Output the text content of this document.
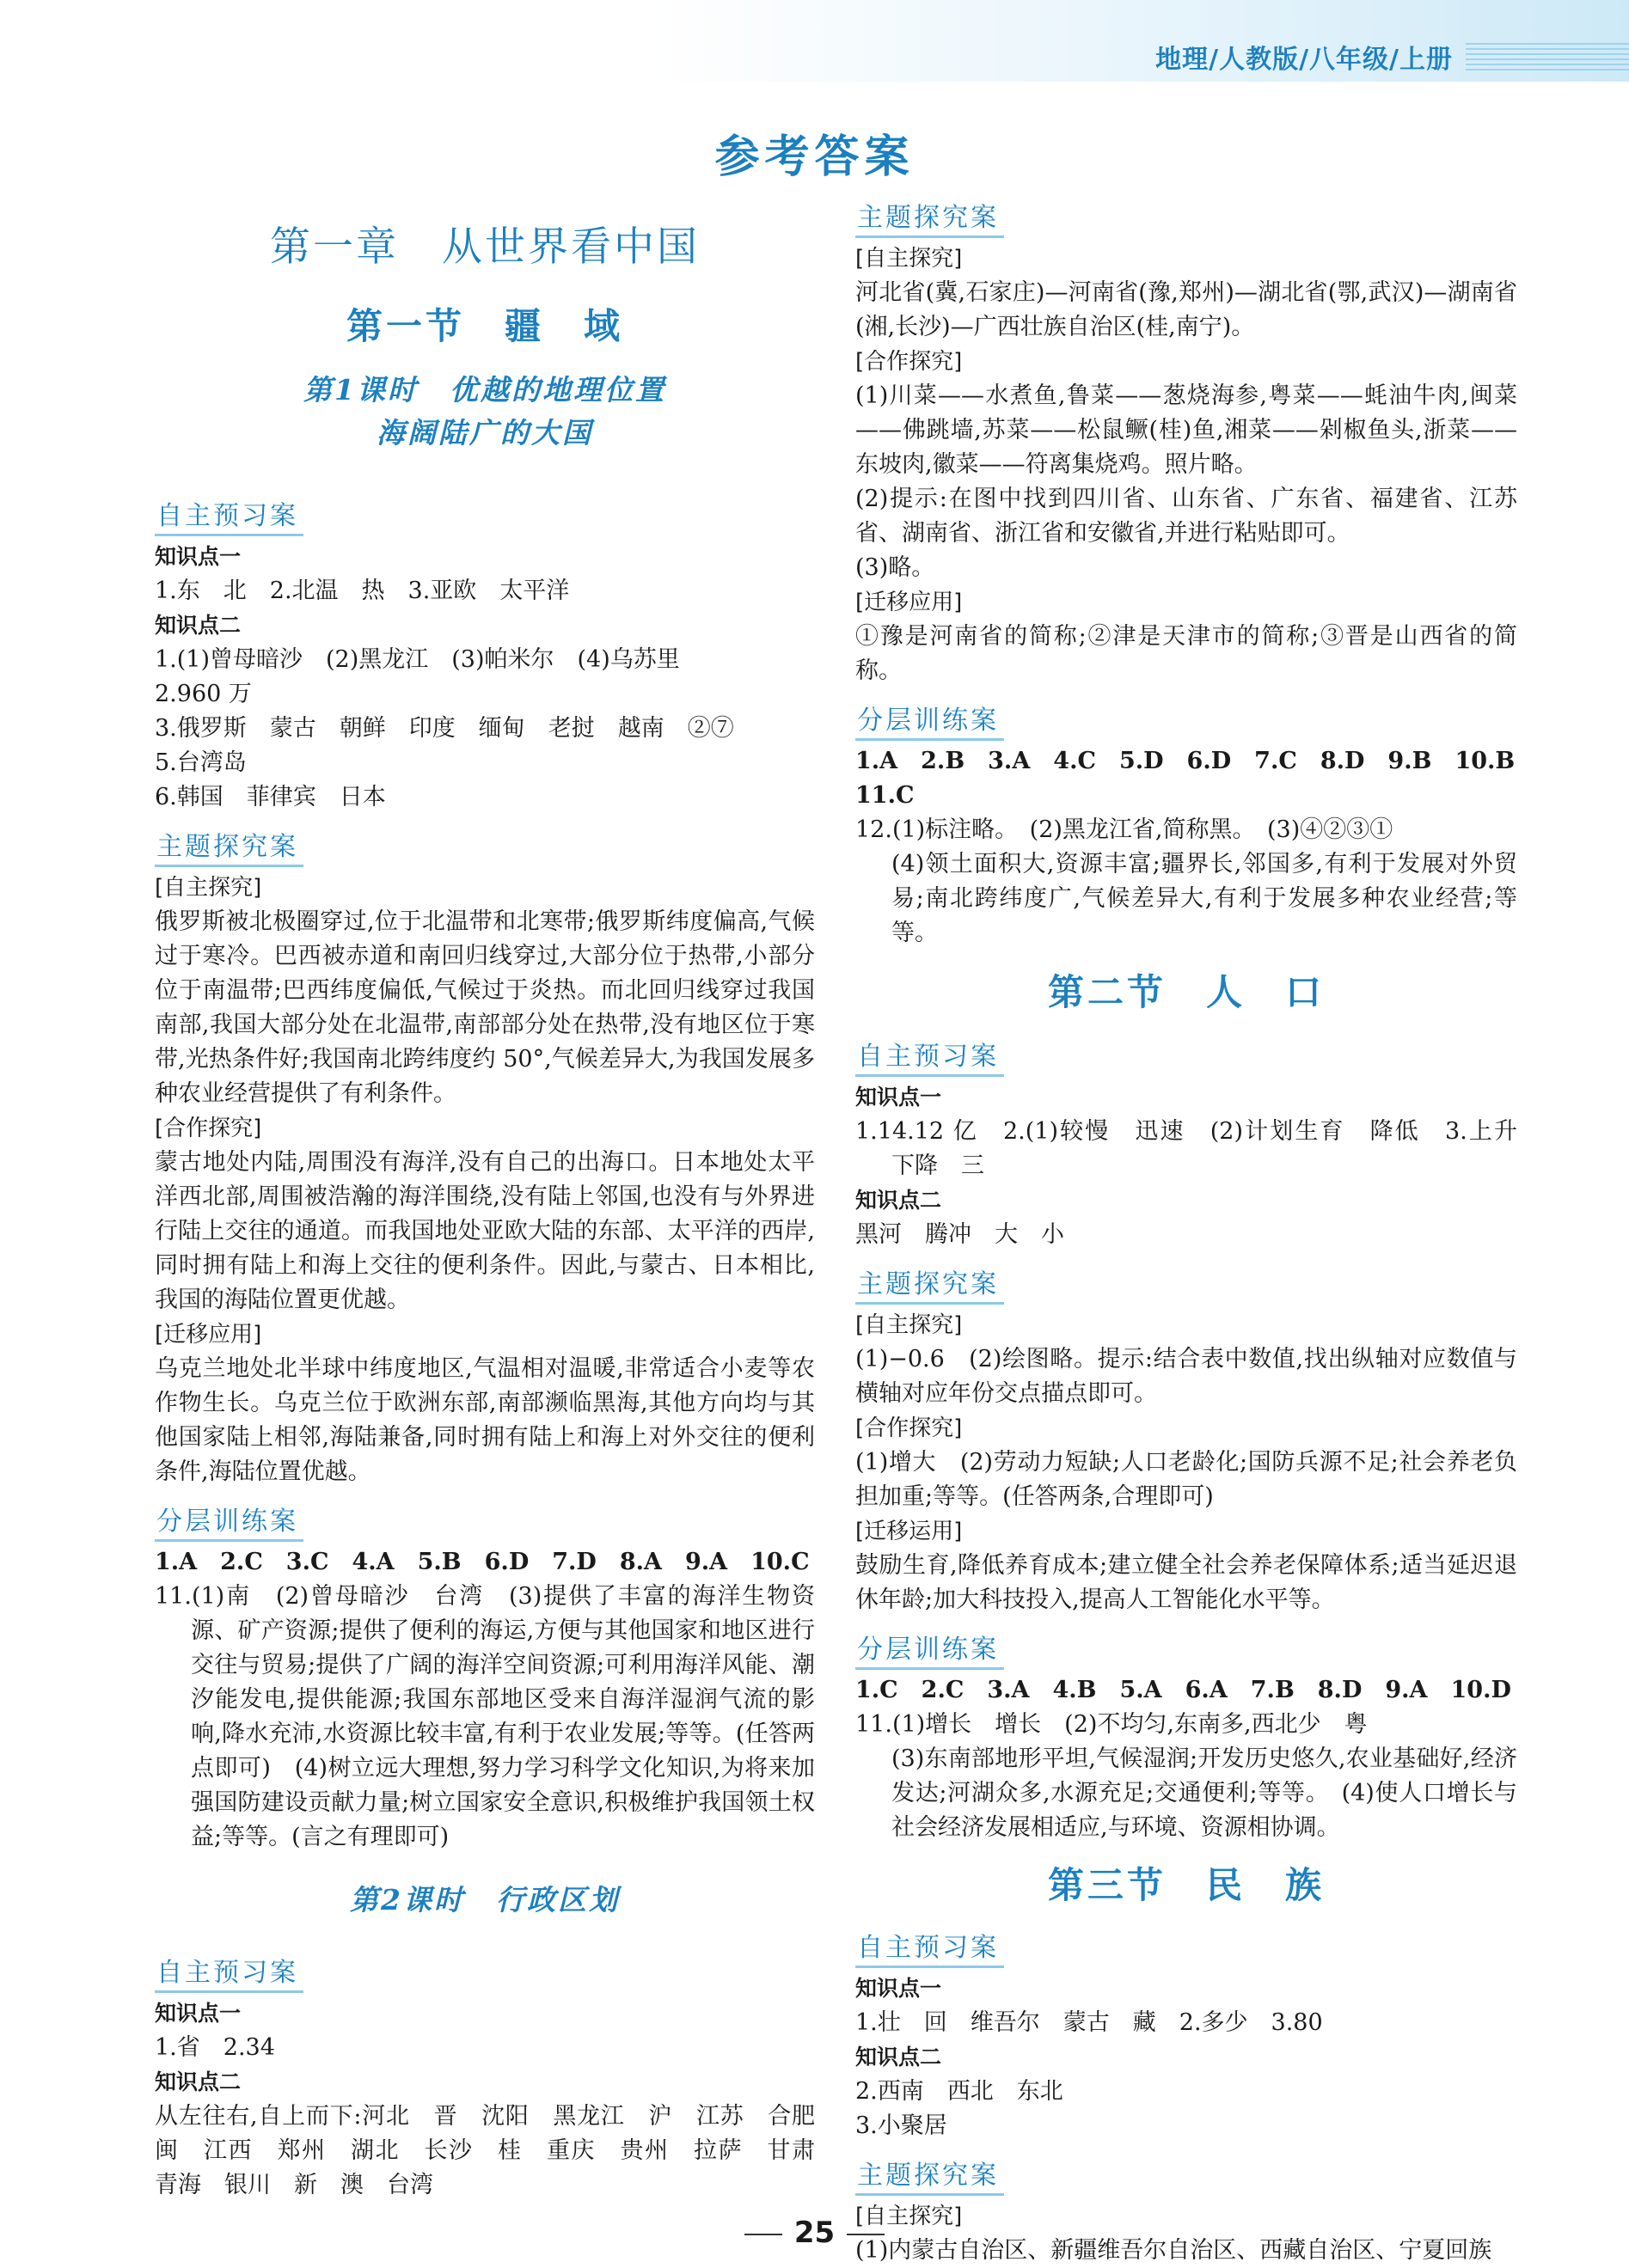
地理/人教版/八年级/上册
参考答案
第一章　从世界看中国
第一节　疆　域
第1课时　优越的地理位置
海阔陆广的大国
自主预习案
知识点一
1.东　北　2.北温　热　3.亚欧　太平洋
知识点二
1.(1)曾母暗沙　(2)黑龙江　(3)帕米尔　(4)乌苏里
2.960 万
3.俄罗斯　蒙古　朝鲜　印度　缅甸　老挝　越南　②⑦
5.台湾岛
6.韩国　菲律宾　日本
主题探究案
[自主探究]
俄罗斯被北极圈穿过,位于北温带和北寒带;俄罗斯纬度偏高,气候过于寒冷。巴西被赤道和南回归线穿过,大部分位于热带,小部分位于南温带;巴西纬度偏低,气候过于炎热。而北回归线穿过我国南部,我国大部分处在北温带,南部部分处在热带,没有地区位于寒带,光热条件好;我国南北跨纬度约 50°,气候差异大,为我国发展多种农业经营提供了有利条件。
[合作探究]
蒙古地处内陆,周围没有海洋,没有自己的出海口。日本地处太平洋西北部,周围被浩瀚的海洋围绕,没有陆上邻国,也没有与外界进行陆上交往的通道。而我国地处亚欧大陆的东部、太平洋的西岸,同时拥有陆上和海上交往的便利条件。因此,与蒙古、日本相比,我国的海陆位置更优越。
[迁移应用]
乌克兰地处北半球中纬度地区,气温相对温暖,非常适合小麦等农作物生长。乌克兰位于欧洲东部,南部濒临黑海,其他方向均与其他国家陆上相邻,海陆兼备,同时拥有陆上和海上对外交往的便利条件,海陆位置优越。
分层训练案
1.A　2.C　3.C　4.A　5.B　6.D　7.D　8.A　9.A　10.C
11.(1)南　(2)曾母暗沙　台湾　(3)提供了丰富的海洋生物资源、矿产资源;提供了便利的海运,方便与其他国家和地区进行交往与贸易;提供了广阔的海洋空间资源;可利用海洋风能、潮汐能发电,提供能源;我国东部地区受来自海洋湿润气流的影响,降水充沛,水资源比较丰富,有利于农业发展;等等。(任答两点即可)　(4)树立远大理想,努力学习科学文化知识,为将来加强国防建设贡献力量;树立国家安全意识,积极维护我国领土权益;等等。(言之有理即可)
第2课时　行政区划
自主预习案
知识点一
1.省　2.34
知识点二
从左往右,自上而下:河北　晋　沈阳　黑龙江　沪　江苏　合肥　闽　江西　郑州　湖北　长沙　桂　重庆　贵州　拉萨　甘肃　青海　银川　新　澳　台湾
主题探究案
[自主探究]
河北省(冀,石家庄)—河南省(豫,郑州)—湖北省(鄂,武汉)—湖南省(湘,长沙)—广西壮族自治区(桂,南宁)。
[合作探究]
(1)川菜——水煮鱼,鲁菜——葱烧海参,粤菜——蚝油牛肉,闽菜——佛跳墙,苏菜——松鼠鳜(桂)鱼,湘菜——剁椒鱼头,浙菜——东坡肉,徽菜——符离集烧鸡。照片略。
(2)提示:在图中找到四川省、山东省、广东省、福建省、江苏省、湖南省、浙江省和安徽省,并进行粘贴即可。
(3)略。
[迁移应用]
①豫是河南省的简称;②津是天津市的简称;③晋是山西省的简称。
分层训练案
1.A　2.B　3.A　4.C　5.D　6.D　7.C　8.D　9.B　10.B
11.C
12.(1)标注略。　(2)黑龙江省,简称黑。　(3)④②③①
(4)领土面积大,资源丰富;疆界长,邻国多,有利于发展对外贸易;南北跨纬度广,气候差异大,有利于发展多种农业经营;等等。
第二节　人　口
自主预习案
知识点一
1.14.12 亿　2.(1)较慢　迅速　(2)计划生育　降低　3.上升　下降　三
知识点二
黑河　腾冲　大　小
主题探究案
[自主探究]
(1)−0.6　(2)绘图略。提示:结合表中数值,找出纵轴对应数值与横轴对应年份交点描点即可。
[合作探究]
(1)增大　(2)劳动力短缺;人口老龄化;国防兵源不足;社会养老负担加重;等等。(任答两条,合理即可)
[迁移运用]
鼓励生育,降低养育成本;建立健全社会养老保障体系;适当延迟退休年龄;加大科技投入,提高人工智能化水平等。
分层训练案
1.C　2.C　3.A　4.B　5.A　6.A　7.B　8.D　9.A　10.D
11.(1)增长　增长　(2)不均匀,东南多,西北少　粤
(3)东南部地形平坦,气候湿润;开发历史悠久,农业基础好,经济发达;河湖众多,水源充足;交通便利;等等。　(4)使人口增长与社会经济发展相适应,与环境、资源相协调。
第三节　民　族
自主预习案
知识点一
1.壮　回　维吾尔　蒙古　藏　2.多少　3.80
知识点二
2.西南　西北　东北
3.小聚居
主题探究案
[自主探究]
(1)内蒙古自治区、新疆维吾尔自治区、西藏自治区、宁夏回族
25
